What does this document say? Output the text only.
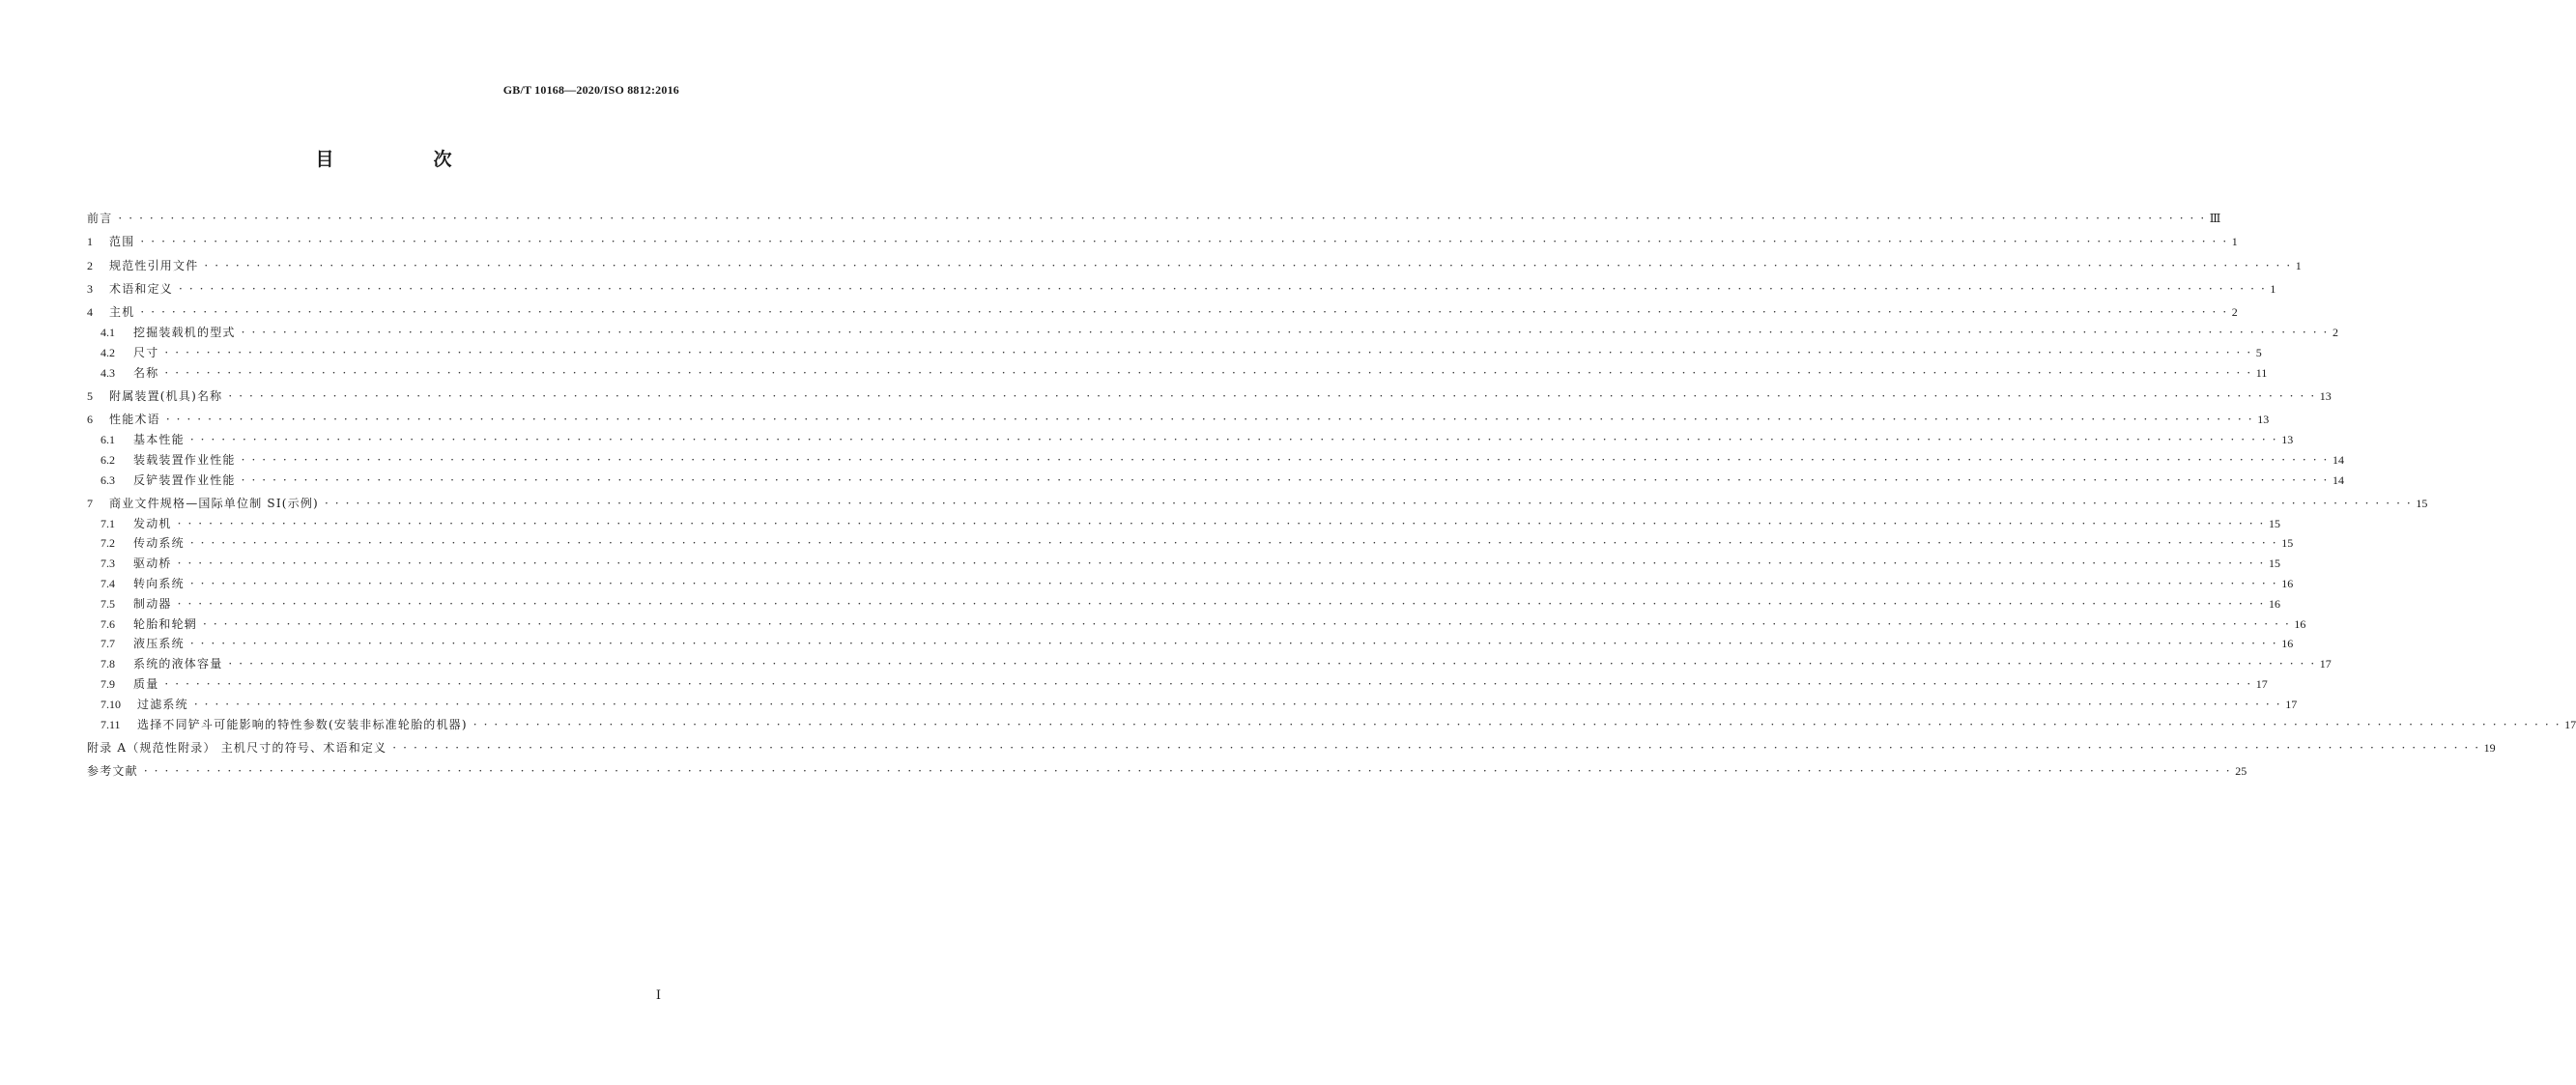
GB/T 10168—2020/ISO 8812:2016
目　次
前言 · · · · · · · · · · · · · · · · · · · · · · · · · · · · · · · · · · · · · · · · · · · · · · · · · · · · · · · · · · · · · · · · · · · · · · · · · · · · · · · · · · · · · · · · · · · · · · · · · · · · · · · · · · · · · · · · · · · · · · · · · · · · · · · · · · · · · · · · · · · · · · · · · · · · · · · · · · · · · · · · · · · · · · · · · · · · · · · · · · · · · · · · · · · · · · · · · · · · · · · · Ⅲ
1	范围 · · · · · · · · · · · · · · · · · · · · · · · · · · · · · · · · · · · · · · · · · · · · · · · · · · · · · · · · · · · · · · · · · · · · · · · · · · · · · · · · · · · · · · · · · · · · · · · · · · · · · · · · · · · · · · · · · · · · · · · · · · · · · · · · · · · · · · · · · · · · · · · · · · · · · · · · · · · · · · · · · · · · · · · · · · · · · · · · · · · · · · · · · · · · · · · · · · · · · · · · 1
2	规范性引用文件 · · · · · · · · · · · · · · · · · · · · · · · · · · · · · · · · · · · · · · · · · · · · · · · · · · · · · · · · · · · · · · · · · · · · · · · · · · · · · · · · · · · · · · · · · · · · · · · · · · · · · · · · · · · · · · · · · · · · · · · · · · · · · · · · · · · · · · · · · · · · · · · · · · · · · · · · · · · · · · · · · · · · · · · · · · · · · · · · · · · · · · · · · · · · · · · · · · · · · · · · 1
3	术语和定义 · · · · · · · · · · · · · · · · · · · · · · · · · · · · · · · · · · · · · · · · · · · · · · · · · · · · · · · · · · · · · · · · · · · · · · · · · · · · · · · · · · · · · · · · · · · · · · · · · · · · · · · · · · · · · · · · · · · · · · · · · · · · · · · · · · · · · · · · · · · · · · · · · · · · · · · · · · · · · · · · · · · · · · · · · · · · · · · · · · · · · · · · · · · · · · · · · · · · · · · · 1
4	主机 · · · · · · · · · · · · · · · · · · · · · · · · · · · · · · · · · · · · · · · · · · · · · · · · · · · · · · · · · · · · · · · · · · · · · · · · · · · · · · · · · · · · · · · · · · · · · · · · · · · · · · · · · · · · · · · · · · · · · · · · · · · · · · · · · · · · · · · · · · · · · · · · · · · · · · · · · · · · · · · · · · · · · · · · · · · · · · · · · · · · · · · · · · · · · · · · · · · · · · · · 2
4.1	挖掘装载机的型式 · · · · · · · · · · · · · · · · · · · · · · · · · · · · · · · · · · · · · · · · · · · · · · · · · · · · · · · · · · · · · · · · · · · · · · · · · · · · · · · · · · · · · · · · · · · · · · · · · · · · · · · · · · · · · · · · · · · · · · · · · · · · · · · · · · · · · · · · · · · · · · · · · · · · · · · · · · · · · · · · · · · · · · · · · · · · · · · · · · · · · · · · · · · · · · · · · · · · · · · · 2
4.2	尺寸 · · · · · · · · · · · · · · · · · · · · · · · · · · · · · · · · · · · · · · · · · · · · · · · · · · · · · · · · · · · · · · · · · · · · · · · · · · · · · · · · · · · · · · · · · · · · · · · · · · · · · · · · · · · · · · · · · · · · · · · · · · · · · · · · · · · · · · · · · · · · · · · · · · · · · · · · · · · · · · · · · · · · · · · · · · · · · · · · · · · · · · · · · · · · · · · · · · · · · · · · 5
4.3	名称 · · · · · · · · · · · · · · · · · · · · · · · · · · · · · · · · · · · · · · · · · · · · · · · · · · · · · · · · · · · · · · · · · · · · · · · · · · · · · · · · · · · · · · · · · · · · · · · · · · · · · · · · · · · · · · · · · · · · · · · · · · · · · · · · · · · · · · · · · · · · · · · · · · · · · · · · · · · · · · · · · · · · · · · · · · · · · · · · · · · · · · · · · · · · · · · · · · · · · · · · 11
5	附属装置(机具)名称 · · · · · · · · · · · · · · · · · · · · · · · · · · · · · · · · · · · · · · · · · · · · · · · · · · · · · · · · · · · · · · · · · · · · · · · · · · · · · · · · · · · · · · · · · · · · · · · · · · · · · · · · · · · · · · · · · · · · · · · · · · · · · · · · · · · · · · · · · · · · · · · · · · · · · · · · · · · · · · · · · · · · · · · · · · · · · · · · · · · · · · · · · · · · · · · · · · · · · · · · 13
6	性能术语 · · · · · · · · · · · · · · · · · · · · · · · · · · · · · · · · · · · · · · · · · · · · · · · · · · · · · · · · · · · · · · · · · · · · · · · · · · · · · · · · · · · · · · · · · · · · · · · · · · · · · · · · · · · · · · · · · · · · · · · · · · · · · · · · · · · · · · · · · · · · · · · · · · · · · · · · · · · · · · · · · · · · · · · · · · · · · · · · · · · · · · · · · · · · · · · · · · · · · · · · 13
6.1	基本性能 · · · · · · · · · · · · · · · · · · · · · · · · · · · · · · · · · · · · · · · · · · · · · · · · · · · · · · · · · · · · · · · · · · · · · · · · · · · · · · · · · · · · · · · · · · · · · · · · · · · · · · · · · · · · · · · · · · · · · · · · · · · · · · · · · · · · · · · · · · · · · · · · · · · · · · · · · · · · · · · · · · · · · · · · · · · · · · · · · · · · · · · · · · · · · · · · · · · · · · · · 13
6.2	装载装置作业性能 · · · · · · · · · · · · · · · · · · · · · · · · · · · · · · · · · · · · · · · · · · · · · · · · · · · · · · · · · · · · · · · · · · · · · · · · · · · · · · · · · · · · · · · · · · · · · · · · · · · · · · · · · · · · · · · · · · · · · · · · · · · · · · · · · · · · · · · · · · · · · · · · · · · · · · · · · · · · · · · · · · · · · · · · · · · · · · · · · · · · · · · · · · · · · · · · · · · · · · · · 14
6.3	反铲装置作业性能 · · · · · · · · · · · · · · · · · · · · · · · · · · · · · · · · · · · · · · · · · · · · · · · · · · · · · · · · · · · · · · · · · · · · · · · · · · · · · · · · · · · · · · · · · · · · · · · · · · · · · · · · · · · · · · · · · · · · · · · · · · · · · · · · · · · · · · · · · · · · · · · · · · · · · · · · · · · · · · · · · · · · · · · · · · · · · · · · · · · · · · · · · · · · · · · · · · · · · · · · 14
7	商业文件规格—国际单位制 SI(示例) · · · · · · · · · · · · · · · · · · · · · · · · · · · · · · · · · · · · · · · · · · · · · · · · · · · · · · · · · · · · · · · · · · · · · · · · · · · · · · · · · · · · · · · · · · · · · · · · · · · · · · · · · · · · · · · · · · · · · · · · · · · · · · · · · · · · · · · · · · · · · · · · · · · · · · · · · · · · · · · · · · · · · · · · · · · · · · · · · · · · · · · · · · · · · · · · · · · · · · · · 15
7.1	发动机 · · · · · · · · · · · · · · · · · · · · · · · · · · · · · · · · · · · · · · · · · · · · · · · · · · · · · · · · · · · · · · · · · · · · · · · · · · · · · · · · · · · · · · · · · · · · · · · · · · · · · · · · · · · · · · · · · · · · · · · · · · · · · · · · · · · · · · · · · · · · · · · · · · · · · · · · · · · · · · · · · · · · · · · · · · · · · · · · · · · · · · · · · · · · · · · · · · · · · · · · 15
7.2	传动系统 · · · · · · · · · · · · · · · · · · · · · · · · · · · · · · · · · · · · · · · · · · · · · · · · · · · · · · · · · · · · · · · · · · · · · · · · · · · · · · · · · · · · · · · · · · · · · · · · · · · · · · · · · · · · · · · · · · · · · · · · · · · · · · · · · · · · · · · · · · · · · · · · · · · · · · · · · · · · · · · · · · · · · · · · · · · · · · · · · · · · · · · · · · · · · · · · · · · · · · · · 15
7.3	驱动桥 · · · · · · · · · · · · · · · · · · · · · · · · · · · · · · · · · · · · · · · · · · · · · · · · · · · · · · · · · · · · · · · · · · · · · · · · · · · · · · · · · · · · · · · · · · · · · · · · · · · · · · · · · · · · · · · · · · · · · · · · · · · · · · · · · · · · · · · · · · · · · · · · · · · · · · · · · · · · · · · · · · · · · · · · · · · · · · · · · · · · · · · · · · · · · · · · · · · · · · · · 15
7.4	转向系统 · · · · · · · · · · · · · · · · · · · · · · · · · · · · · · · · · · · · · · · · · · · · · · · · · · · · · · · · · · · · · · · · · · · · · · · · · · · · · · · · · · · · · · · · · · · · · · · · · · · · · · · · · · · · · · · · · · · · · · · · · · · · · · · · · · · · · · · · · · · · · · · · · · · · · · · · · · · · · · · · · · · · · · · · · · · · · · · · · · · · · · · · · · · · · · · · · · · · · · · · 16
7.5	制动器 · · · · · · · · · · · · · · · · · · · · · · · · · · · · · · · · · · · · · · · · · · · · · · · · · · · · · · · · · · · · · · · · · · · · · · · · · · · · · · · · · · · · · · · · · · · · · · · · · · · · · · · · · · · · · · · · · · · · · · · · · · · · · · · · · · · · · · · · · · · · · · · · · · · · · · · · · · · · · · · · · · · · · · · · · · · · · · · · · · · · · · · · · · · · · · · · · · · · · · · · 16
7.6	轮胎和轮辋 · · · · · · · · · · · · · · · · · · · · · · · · · · · · · · · · · · · · · · · · · · · · · · · · · · · · · · · · · · · · · · · · · · · · · · · · · · · · · · · · · · · · · · · · · · · · · · · · · · · · · · · · · · · · · · · · · · · · · · · · · · · · · · · · · · · · · · · · · · · · · · · · · · · · · · · · · · · · · · · · · · · · · · · · · · · · · · · · · · · · · · · · · · · · · · · · · · · · · · · · 16
7.7	液压系统 · · · · · · · · · · · · · · · · · · · · · · · · · · · · · · · · · · · · · · · · · · · · · · · · · · · · · · · · · · · · · · · · · · · · · · · · · · · · · · · · · · · · · · · · · · · · · · · · · · · · · · · · · · · · · · · · · · · · · · · · · · · · · · · · · · · · · · · · · · · · · · · · · · · · · · · · · · · · · · · · · · · · · · · · · · · · · · · · · · · · · · · · · · · · · · · · · · · · · · · · 16
7.8	系统的液体容量 · · · · · · · · · · · · · · · · · · · · · · · · · · · · · · · · · · · · · · · · · · · · · · · · · · · · · · · · · · · · · · · · · · · · · · · · · · · · · · · · · · · · · · · · · · · · · · · · · · · · · · · · · · · · · · · · · · · · · · · · · · · · · · · · · · · · · · · · · · · · · · · · · · · · · · · · · · · · · · · · · · · · · · · · · · · · · · · · · · · · · · · · · · · · · · · · · · · · · · · · 17
7.9	质量 · · · · · · · · · · · · · · · · · · · · · · · · · · · · · · · · · · · · · · · · · · · · · · · · · · · · · · · · · · · · · · · · · · · · · · · · · · · · · · · · · · · · · · · · · · · · · · · · · · · · · · · · · · · · · · · · · · · · · · · · · · · · · · · · · · · · · · · · · · · · · · · · · · · · · · · · · · · · · · · · · · · · · · · · · · · · · · · · · · · · · · · · · · · · · · · · · · · · · · · · 17
7.10	过滤系统 · · · · · · · · · · · · · · · · · · · · · · · · · · · · · · · · · · · · · · · · · · · · · · · · · · · · · · · · · · · · · · · · · · · · · · · · · · · · · · · · · · · · · · · · · · · · · · · · · · · · · · · · · · · · · · · · · · · · · · · · · · · · · · · · · · · · · · · · · · · · · · · · · · · · · · · · · · · · · · · · · · · · · · · · · · · · · · · · · · · · · · · · · · · · · · · · · · · · · · · · 17
7.11	选择不同铲斗可能影响的特性参数(安装非标准轮胎的机器) · · · · · · · · · · · · · · · · · · · · · · · · · · · · · · · · · · · · · · · · · · · · · · · · · · · · · · · · · · · · · · · · · · · · · · · · · · · · · · · · · · · · · · · · · · · · · · · · · · · · · · · · · · · · · · · · · · · · · · · · · · · · · · · · · · · · · · · · · · · · · · · · · · · · · · · · · · · · · · · · · · · · · · · · · · · · · · · · · · · · · · · · · · · · · · · · · · · · · · · · 17
附录 A（规范性附录） 主机尺寸的符号、术语和定义 · · · · · · · · · · · · · · · · · · · · · · · · · · · · · · · · · · · · · · · · · · · · · · · · · · · · · · · · · · · · · · · · · · · · · · · · · · · · · · · · · · · · · · · · · · · · · · · · · · · · · · · · · · · · · · · · · · · · · · · · · · · · · · · · · · · · · · · · · · · · · · · · · · · · · · · · · · · · · · · · · · · · · · · · · · · · · · · · · · · · · · · · · · · · · · · · · · · · · · · · 19
参考文献 · · · · · · · · · · · · · · · · · · · · · · · · · · · · · · · · · · · · · · · · · · · · · · · · · · · · · · · · · · · · · · · · · · · · · · · · · · · · · · · · · · · · · · · · · · · · · · · · · · · · · · · · · · · · · · · · · · · · · · · · · · · · · · · · · · · · · · · · · · · · · · · · · · · · · · · · · · · · · · · · · · · · · · · · · · · · · · · · · · · · · · · · · · · · · · · · · · · · · · · · 25
Ⅰ
